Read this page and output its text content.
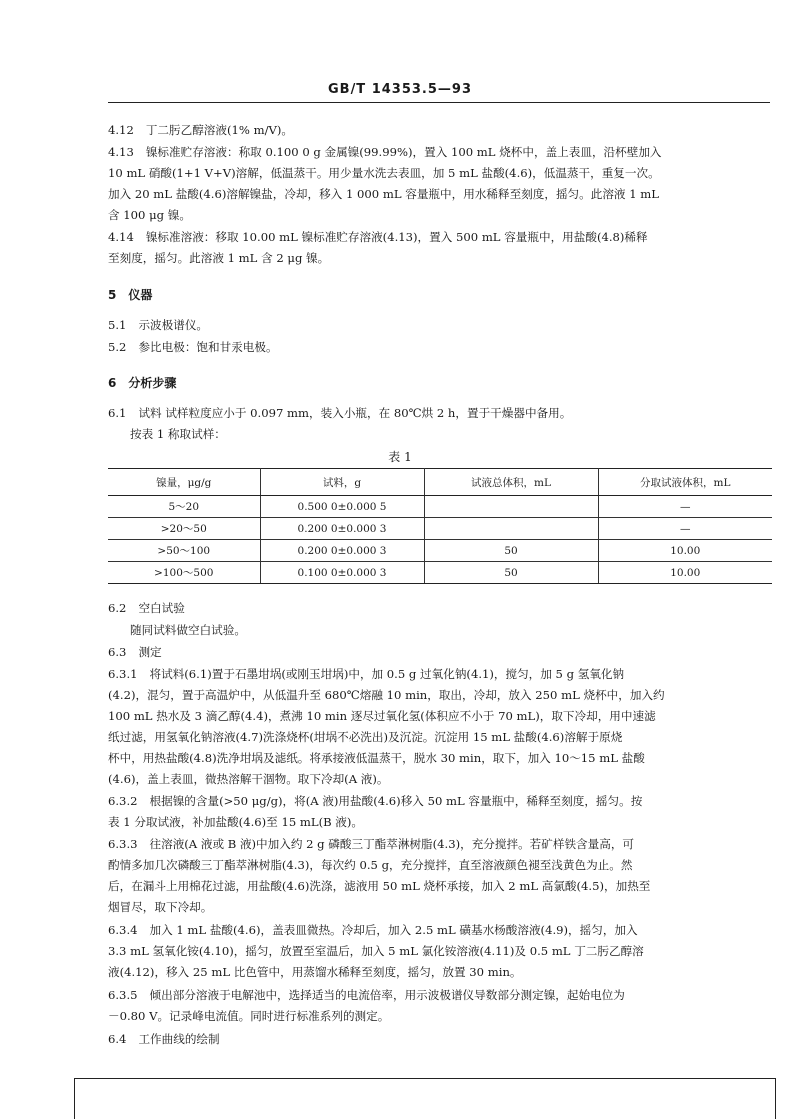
GB/T 14353.5—93
4.12 丁二肟乙醇溶液(1% m/V)。
4.13 镍标准贮存溶液：称取 0.100 0 g 金属镍(99.99%)，置入 100 mL 烧杯中，盖上表皿，沿杯壁加入
10 mL 硝酸(1+1 V+V)溶解，低温蒸干。用少量水洗去表皿，加 5 mL 盐酸(4.6)，低温蒸干，重复一次。
加入 20 mL 盐酸(4.6)溶解镍盐，冷却，移入 1 000 mL 容量瓶中，用水稀释至刻度，摇匀。此溶液 1 mL
含 100 μg 镍。
4.14 镍标准溶液：移取 10.00 mL 镍标准贮存溶液(4.13)，置入 500 mL 容量瓶中，用盐酸(4.8)稀释
至刻度，摇匀。此溶液 1 mL 含 2 μg 镍。
5 仪器
5.1 示波极谱仪。
5.2 参比电极：饱和甘汞电极。
6 分析步骤
6.1 试料 试样粒度应小于 0.097 mm，装入小瓶，在 80℃烘 2 h，置于干燥器中备用。
按表 1 称取试样：
表 1
镍量，μg/g	试料，g	试液总体积，mL	分取试液体积，mL
5～20	0.500 0±0.000 5		—
>20～50	0.200 0±0.000 3		—
>50～100	0.200 0±0.000 3	50	10.00
>100～500	0.100 0±0.000 3	50	10.00
6.2 空白试验
随同试料做空白试验。
6.3 测定
6.3.1 将试料(6.1)置于石墨坩埚(或刚玉坩埚)中，加 0.5 g 过氧化钠(4.1)，搅匀，加 5 g 氢氧化钠
(4.2)，混匀，置于高温炉中，从低温升至 680℃熔融 10 min，取出，冷却，放入 250 mL 烧杯中，加入约
100 mL 热水及 3 滴乙醇(4.4)，煮沸 10 min 逐尽过氧化氢(体积应不小于 70 mL)，取下冷却，用中速滤
纸过滤，用氢氧化钠溶液(4.7)洗涤烧杯(坩埚不必洗出)及沉淀。沉淀用 15 mL 盐酸(4.6)溶解于原烧
杯中，用热盐酸(4.8)洗净坩埚及滤纸。将承接液低温蒸干，脱水 30 min，取下，加入 10～15 mL 盐酸
(4.6)，盖上表皿，微热溶解干涸物。取下冷却(A 液)。
6.3.2 根据镍的含量(>50 μg/g)，将(A 液)用盐酸(4.6)移入 50 mL 容量瓶中，稀释至刻度，摇匀。按
表 1 分取试液，补加盐酸(4.6)至 15 mL(B 液)。
6.3.3 往溶液(A 液或 B 液)中加入约 2 g 磷酸三丁酯萃淋树脂(4.3)，充分搅拌。若矿样铁含量高，可
酌情多加几次磷酸三丁酯萃淋树脂(4.3)，每次约 0.5 g，充分搅拌，直至溶液颜色褪至浅黄色为止。然
后，在漏斗上用棉花过滤，用盐酸(4.6)洗涤，滤液用 50 mL 烧杯承接，加入 2 mL 高氯酸(4.5)，加热至
烟冒尽，取下冷却。
6.3.4 加入 1 mL 盐酸(4.6)，盖表皿微热。冷却后，加入 2.5 mL 磺基水杨酸溶液(4.9)，摇匀，加入
3.3 mL 氢氧化铵(4.10)，摇匀，放置至室温后，加入 5 mL 氯化铵溶液(4.11)及 0.5 mL 丁二肟乙醇溶
液(4.12)，移入 25 mL 比色管中，用蒸馏水稀释至刻度，摇匀，放置 30 min。
6.3.5 倾出部分溶液于电解池中，选择适当的电流倍率，用示波极谱仪导数部分测定镍，起始电位为
－0.80 V。记录峰电流值。同时进行标准系列的测定。
6.4 工作曲线的绘制
